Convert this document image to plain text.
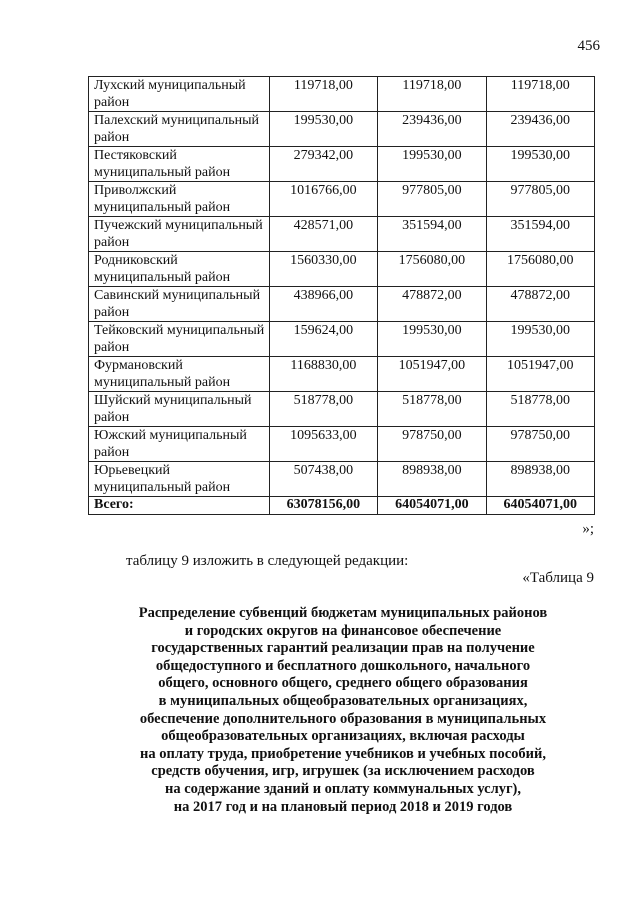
456
Лухский муниципальный район	119718,00	119718,00	119718,00
Палехский муниципальный район	199530,00	239436,00	239436,00
Пестяковский муниципальный район	279342,00	199530,00	199530,00
Приволжский муниципальный район	1016766,00	977805,00	977805,00
Пучежский муниципальный район	428571,00	351594,00	351594,00
Родниковский муниципальный район	1560330,00	1756080,00	1756080,00
Савинский муниципальный район	438966,00	478872,00	478872,00
Тейковский муниципальный район	159624,00	199530,00	199530,00
Фурмановский муниципальный район	1168830,00	1051947,00	1051947,00
Шуйский муниципальный район	518778,00	518778,00	518778,00
Южский муниципальный район	1095633,00	978750,00	978750,00
Юрьевецкий муниципальный район	507438,00	898938,00	898938,00
Всего:	63078156,00	64054071,00	64054071,00
»;
таблицу 9 изложить в следующей редакции:
«Таблица 9
Распределение субвенций бюджетам муниципальных районов
и городских округов на финансовое обеспечение
государственных гарантий реализации прав на получение
общедоступного и бесплатного дошкольного, начального
общего, основного общего, среднего общего образования
в муниципальных общеобразовательных организациях,
обеспечение дополнительного образования в муниципальных
общеобразовательных организациях, включая расходы
на оплату труда, приобретение учебников и учебных пособий,
средств обучения, игр, игрушек (за исключением расходов
на содержание зданий и оплату коммунальных услуг),
на 2017 год и на плановый период 2018 и 2019 годов
